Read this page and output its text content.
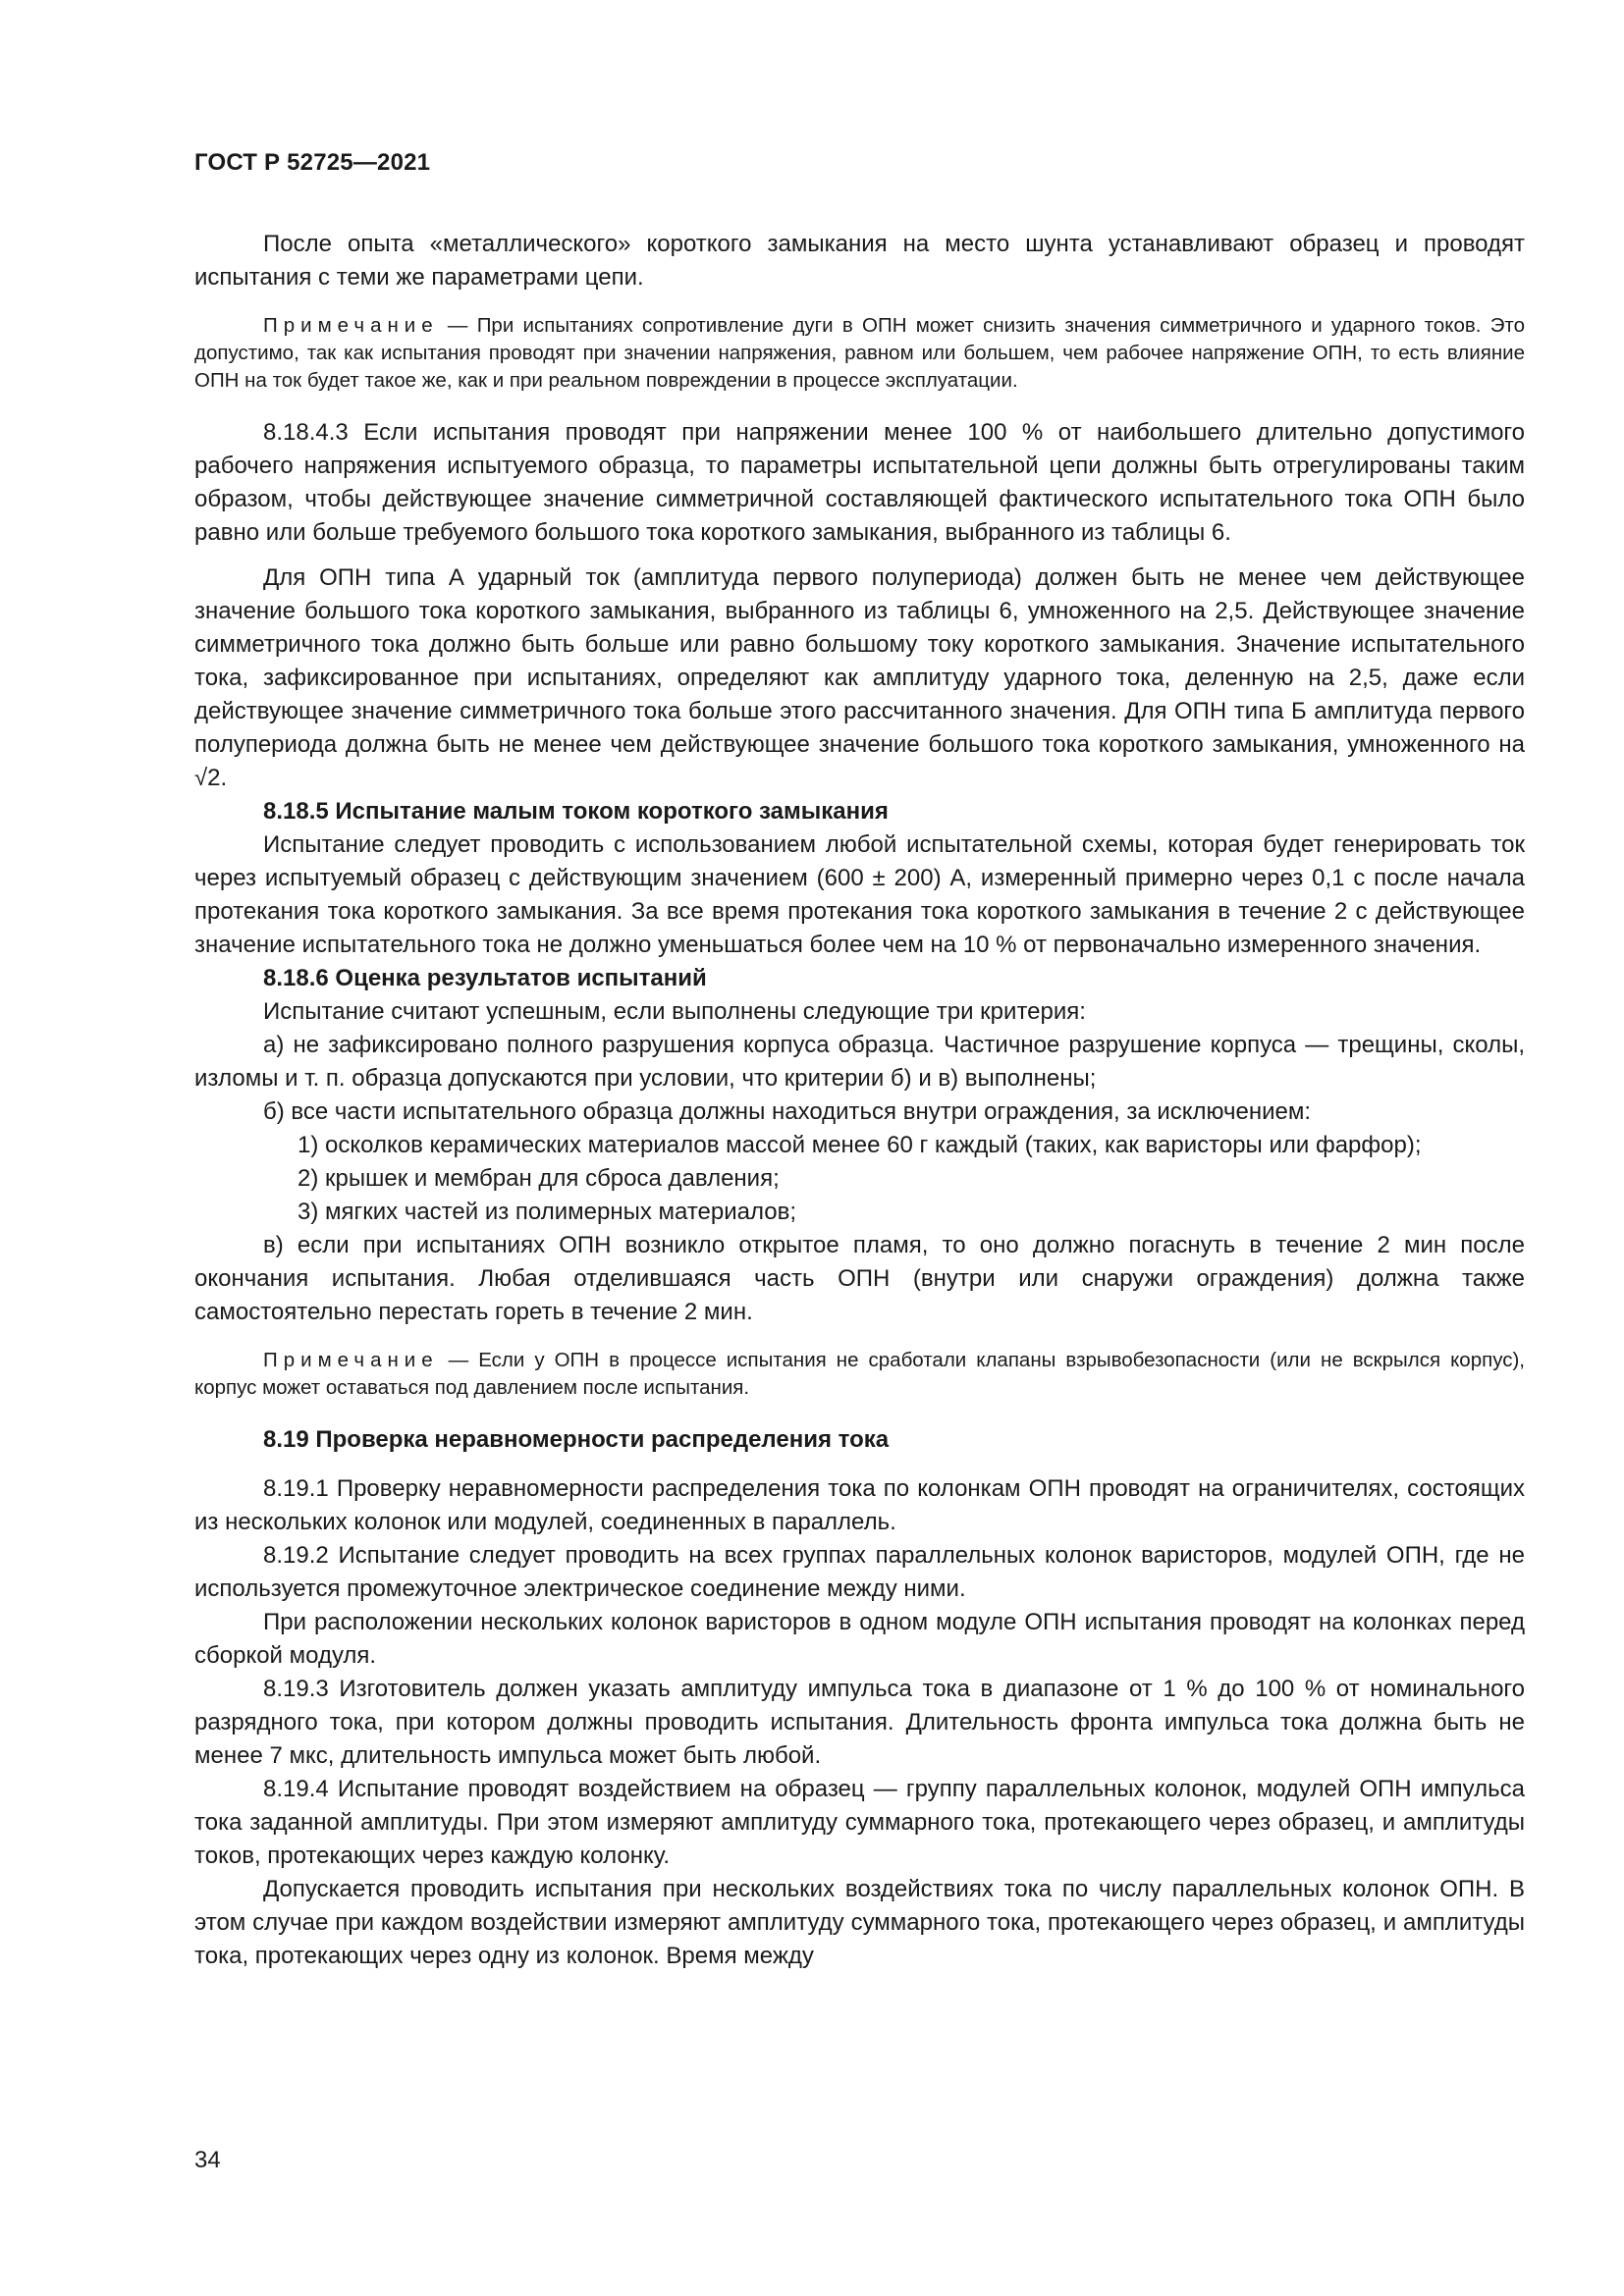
ГОСТ Р 52725—2021

После опыта «металлического» короткого замыкания на место шунта устанавливают образец и проводят испытания с теми же параметрами цепи.

Примечание — При испытаниях сопротивление дуги в ОПН может снизить значения симметричного и ударного токов. Это допустимо, так как испытания проводят при значении напряжения, равном или большем, чем рабочее напряжение ОПН, то есть влияние ОПН на ток будет такое же, как и при реальном повреждении в процессе эксплуатации.

8.18.4.3 Если испытания проводят при напряжении менее 100 % от наибольшего длительно допустимого рабочего напряжения испытуемого образца, то параметры испытательной цепи должны быть отрегулированы таким образом, чтобы действующее значение симметричной составляющей фактического испытательного тока ОПН было равно или больше требуемого большого тока короткого замыкания, выбранного из таблицы 6.

Для ОПН типа А ударный ток (амплитуда первого полупериода) должен быть не менее чем действующее значение большого тока короткого замыкания, выбранного из таблицы 6, умноженного на 2,5. Действующее значение симметричного тока должно быть больше или равно большому току короткого замыкания. Значение испытательного тока, зафиксированное при испытаниях, определяют как амплитуду ударного тока, деленную на 2,5, даже если действующее значение симметричного тока больше этого рассчитанного значения. Для ОПН типа Б амплитуда первого полупериода должна быть не менее чем действующее значение большого тока короткого замыкания, умноженного на √2.

8.18.5 Испытание малым током короткого замыкания

Испытание следует проводить с использованием любой испытательной схемы, которая будет генерировать ток через испытуемый образец с действующим значением (600 ± 200) А, измеренный примерно через 0,1 с после начала протекания тока короткого замыкания. За все время протекания тока короткого замыкания в течение 2 с действующее значение испытательного тока не должно уменьшаться более чем на 10 % от первоначально измеренного значения.

8.18.6 Оценка результатов испытаний

Испытание считают успешным, если выполнены следующие три критерия:

а) не зафиксировано полного разрушения корпуса образца. Частичное разрушение корпуса — трещины, сколы, изломы и т. п. образца допускаются при условии, что критерии б) и в) выполнены;

б) все части испытательного образца должны находиться внутри ограждения, за исключением:

1) осколков керамических материалов массой менее 60 г каждый (таких, как варисторы или фарфор);

2) крышек и мембран для сброса давления;

3) мягких частей из полимерных материалов;

в) если при испытаниях ОПН возникло открытое пламя, то оно должно погаснуть в течение 2 мин после окончания испытания. Любая отделившаяся часть ОПН (внутри или снаружи ограждения) должна также самостоятельно перестать гореть в течение 2 мин.

Примечание — Если у ОПН в процессе испытания не сработали клапаны взрывобезопасности (или не вскрылся корпус), корпус может оставаться под давлением после испытания.

8.19 Проверка неравномерности распределения тока

8.19.1 Проверку неравномерности распределения тока по колонкам ОПН проводят на ограничителях, состоящих из нескольких колонок или модулей, соединенных в параллель.

8.19.2 Испытание следует проводить на всех группах параллельных колонок варисторов, модулей ОПН, где не используется промежуточное электрическое соединение между ними.

При расположении нескольких колонок варисторов в одном модуле ОПН испытания проводят на колонках перед сборкой модуля.

8.19.3 Изготовитель должен указать амплитуду импульса тока в диапазоне от 1 % до 100 % от номинального разрядного тока, при котором должны проводить испытания. Длительность фронта импульса тока должна быть не менее 7 мкс, длительность импульса может быть любой.

8.19.4 Испытание проводят воздействием на образец — группу параллельных колонок, модулей ОПН импульса тока заданной амплитуды. При этом измеряют амплитуду суммарного тока, протекающего через образец, и амплитуды токов, протекающих через каждую колонку.

Допускается проводить испытания при нескольких воздействиях тока по числу параллельных колонок ОПН. В этом случае при каждом воздействии измеряют амплитуду суммарного тока, протекающего через образец, и амплитуды тока, протекающих через одну из колонок. Время между

34
